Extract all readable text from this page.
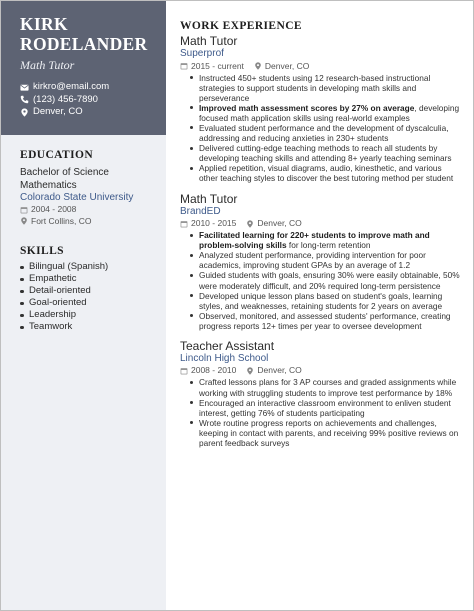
KIRK
RODELANDER
Math Tutor
kirkro@email.com
(123) 456-7890
Denver, CO
EDUCATION
Bachelor of Science
Mathematics
Colorado State University
2004 - 2008
Fort Collins, CO
SKILLS
Bilingual (Spanish)
Empathetic
Detail-oriented
Goal-oriented
Leadership
Teamwork
WORK EXPERIENCE
Math Tutor
Superprof
2015 - current Denver, CO
Instructed 450+ students using 12 research-based instructional strategies to support students in developing math skills and perseverance
Improved math assessment scores by 27% on average, developing focused math application skills using real-world examples
Evaluated student performance and the development of dyscalculia, addressing and reducing anxieties in 230+ students
Delivered cutting-edge teaching methods to reach all students by developing teaching skills and attending 8+ yearly teaching seminars
Applied repetition, visual diagrams, audio, kinesthetic, and various other teaching styles to discover the best tutoring method per student
Math Tutor
BrandED
2010 - 2015 Denver, CO
Facilitated learning for 220+ students to improve math and problem-solving skills for long-term retention
Analyzed student performance, providing intervention for poor academics, improving student GPAs by an average of 1.2
Guided students with goals, ensuring 30% were easily obtainable, 50% were moderately difficult, and 20% required long-term persistence
Developed unique lesson plans based on student's goals, learning styles, and weaknesses, retaining students for 2 years on average
Observed, monitored, and assessed students' performance, creating progress reports 12+ times per year to oversee development
Teacher Assistant
Lincoln High School
2008 - 2010 Denver, CO
Crafted lessons plans for 3 AP courses and graded assignments while working with struggling students to improve test performance by 18%
Encouraged an interactive classroom environment to enliven student interest, getting 76% of students participating
Wrote routine progress reports on achievements and challenges, keeping in contact with parents, and receiving 99% positive reviews on parent feedback surveys
